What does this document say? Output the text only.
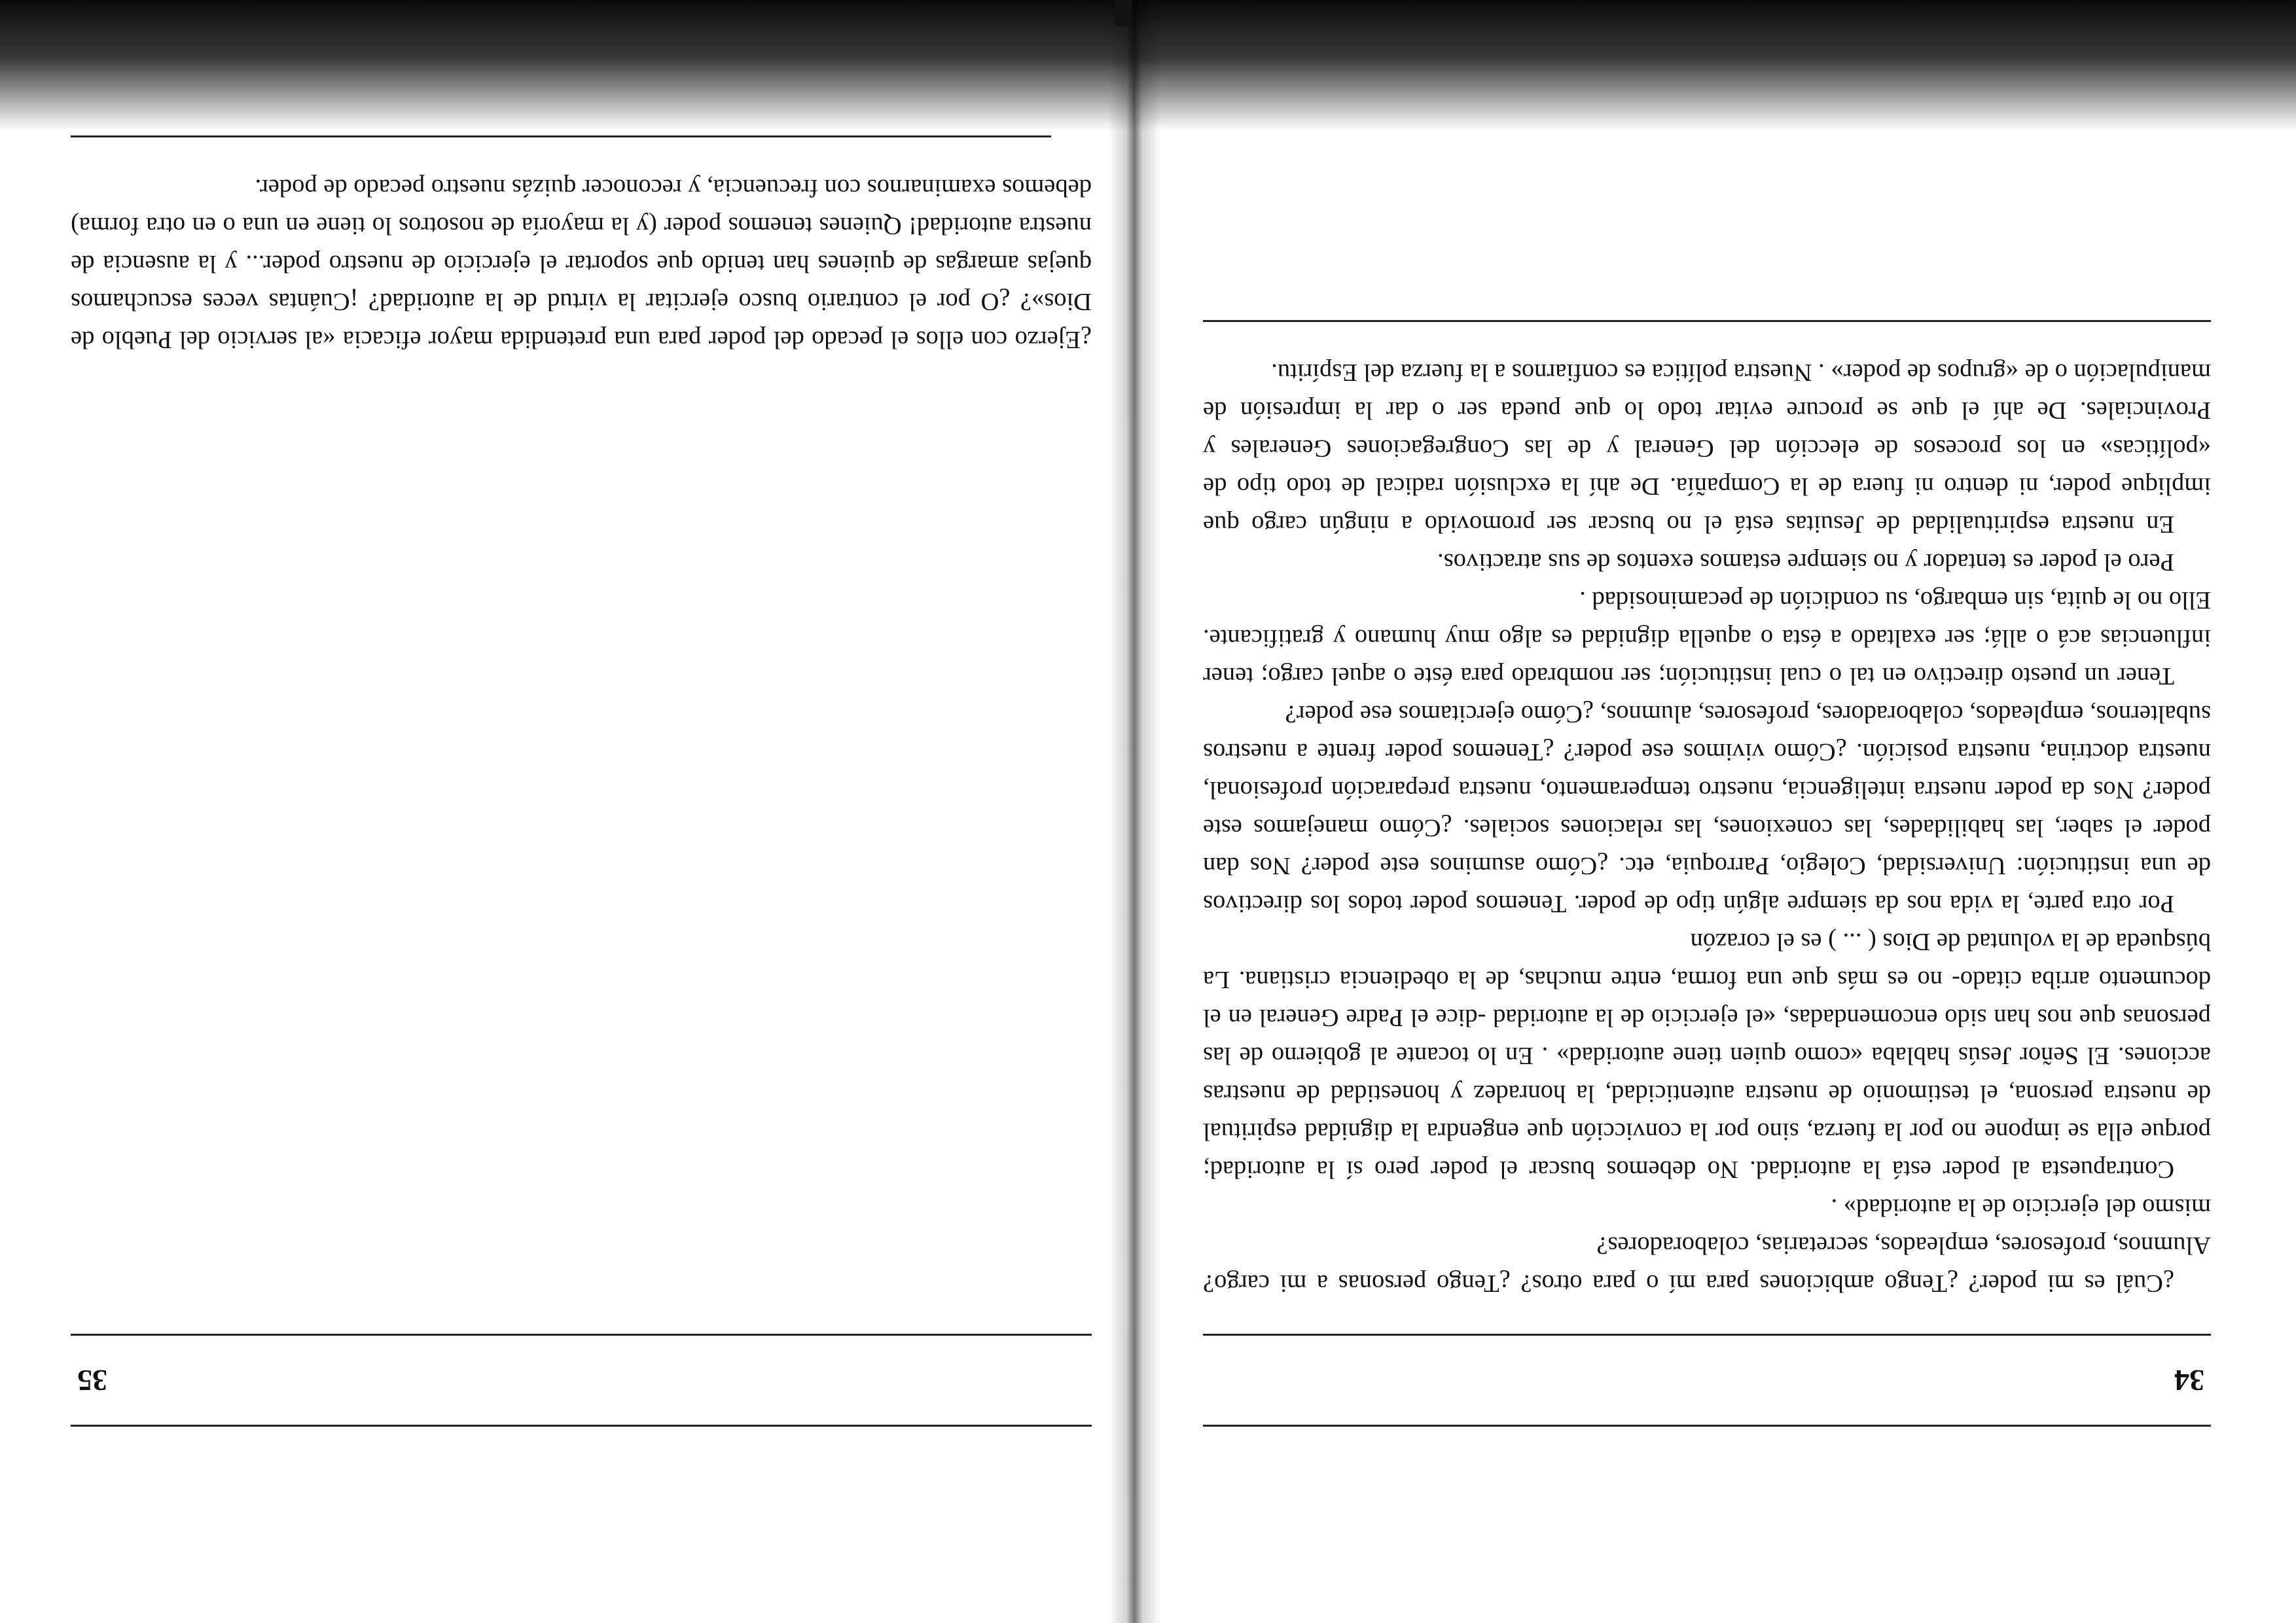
34

¿Cuál es mi poder? ¿Tengo ambiciones para mí o para otros? ¿Tengo personas a mi cargo? Alumnos, profesores, empleados, secretarias, colaboradores?

mismo del ejercicio de la autoridad» .

Contrapuesta al poder está la autoridad. No debemos buscar el poder pero sí la autoridad; porque ella se impone no por la fuerza, sino por la convicción que engendra la dignidad espiritual de nuestra persona, el testimonio de nuestra autenticidad, la honradez y honestidad de nuestras acciones. El Señor Jesús hablaba «como quien tiene autoridad» . En lo tocante al gobierno de las personas que nos han sido encomendadas, «el ejercicio de la autoridad -dice el Padre General en el documento arriba citado- no es más que una forma, entre muchas, de la obediencia cristiana. La búsqueda de la voluntad de Dios ( ... ) es el corazón

Por otra parte, la vida nos da siempre algún tipo de poder. Tenemos poder todos los directivos de una institución: Universidad, Colegio, Parroquia, etc. ¿Cómo asuminos este poder? Nos dan poder el saber, las habilidades, las conexiones, las relaciones sociales. ¿Cómo manejamos este poder? Nos da poder nuestra inteligencia, nuestro temperamento, nuestra preparación profesional, nuestra doctrina, nuestra posición. ¿Cómo vivimos ese poder? ¿Tenemos poder frente a nuestros subalternos, empleados, colaboradores, profesores, alumnos, ¿Cómo ejercitamos ese poder?

Tener un puesto directivo en tal o cual institución; ser nombrado para éste o aquel cargo; tener influencias acá o allá; ser exaltado a ésta o aquella dignidad es algo muy humano y gratificante. Ello no le quita, sin embargo, su condición de pecaminosidad .

Pero el poder es tentador y no siempre estamos exentos de sus atractivos.

En nuestra espiritualidad de Jesuitas está el no buscar ser promovido a ningún cargo que implique poder, ni dentro ni fuera de la Compañía. De ahí la exclusión radical de todo tipo de «políticas» en los procesos de elección del General y de las Congregaciones Generales y Provinciales. De ahí el que se procure evitar todo lo que pueda ser o dar la impresión de manipulación o de «grupos de poder» . Nuestra política es confiarnos a la fuerza del Espíritu.

35

¿Ejerzo con ellos el pecado del poder para una pretendida mayor eficacia «al servicio del Pueblo de Dios»? ¿O por el contrario busco ejercitar la virtud de la autoridad? ¡Cuántas veces escuchamos quejas amargas de quienes han tenido que soportar el ejercicio de nuestro poder... y la ausencia de nuestra autoridad! Quienes tenemos poder (y la mayoría de nosotros lo tiene en una o en otra forma) debemos examinarnos con frecuencia, y reconocer quizás nuestro pecado de poder.
